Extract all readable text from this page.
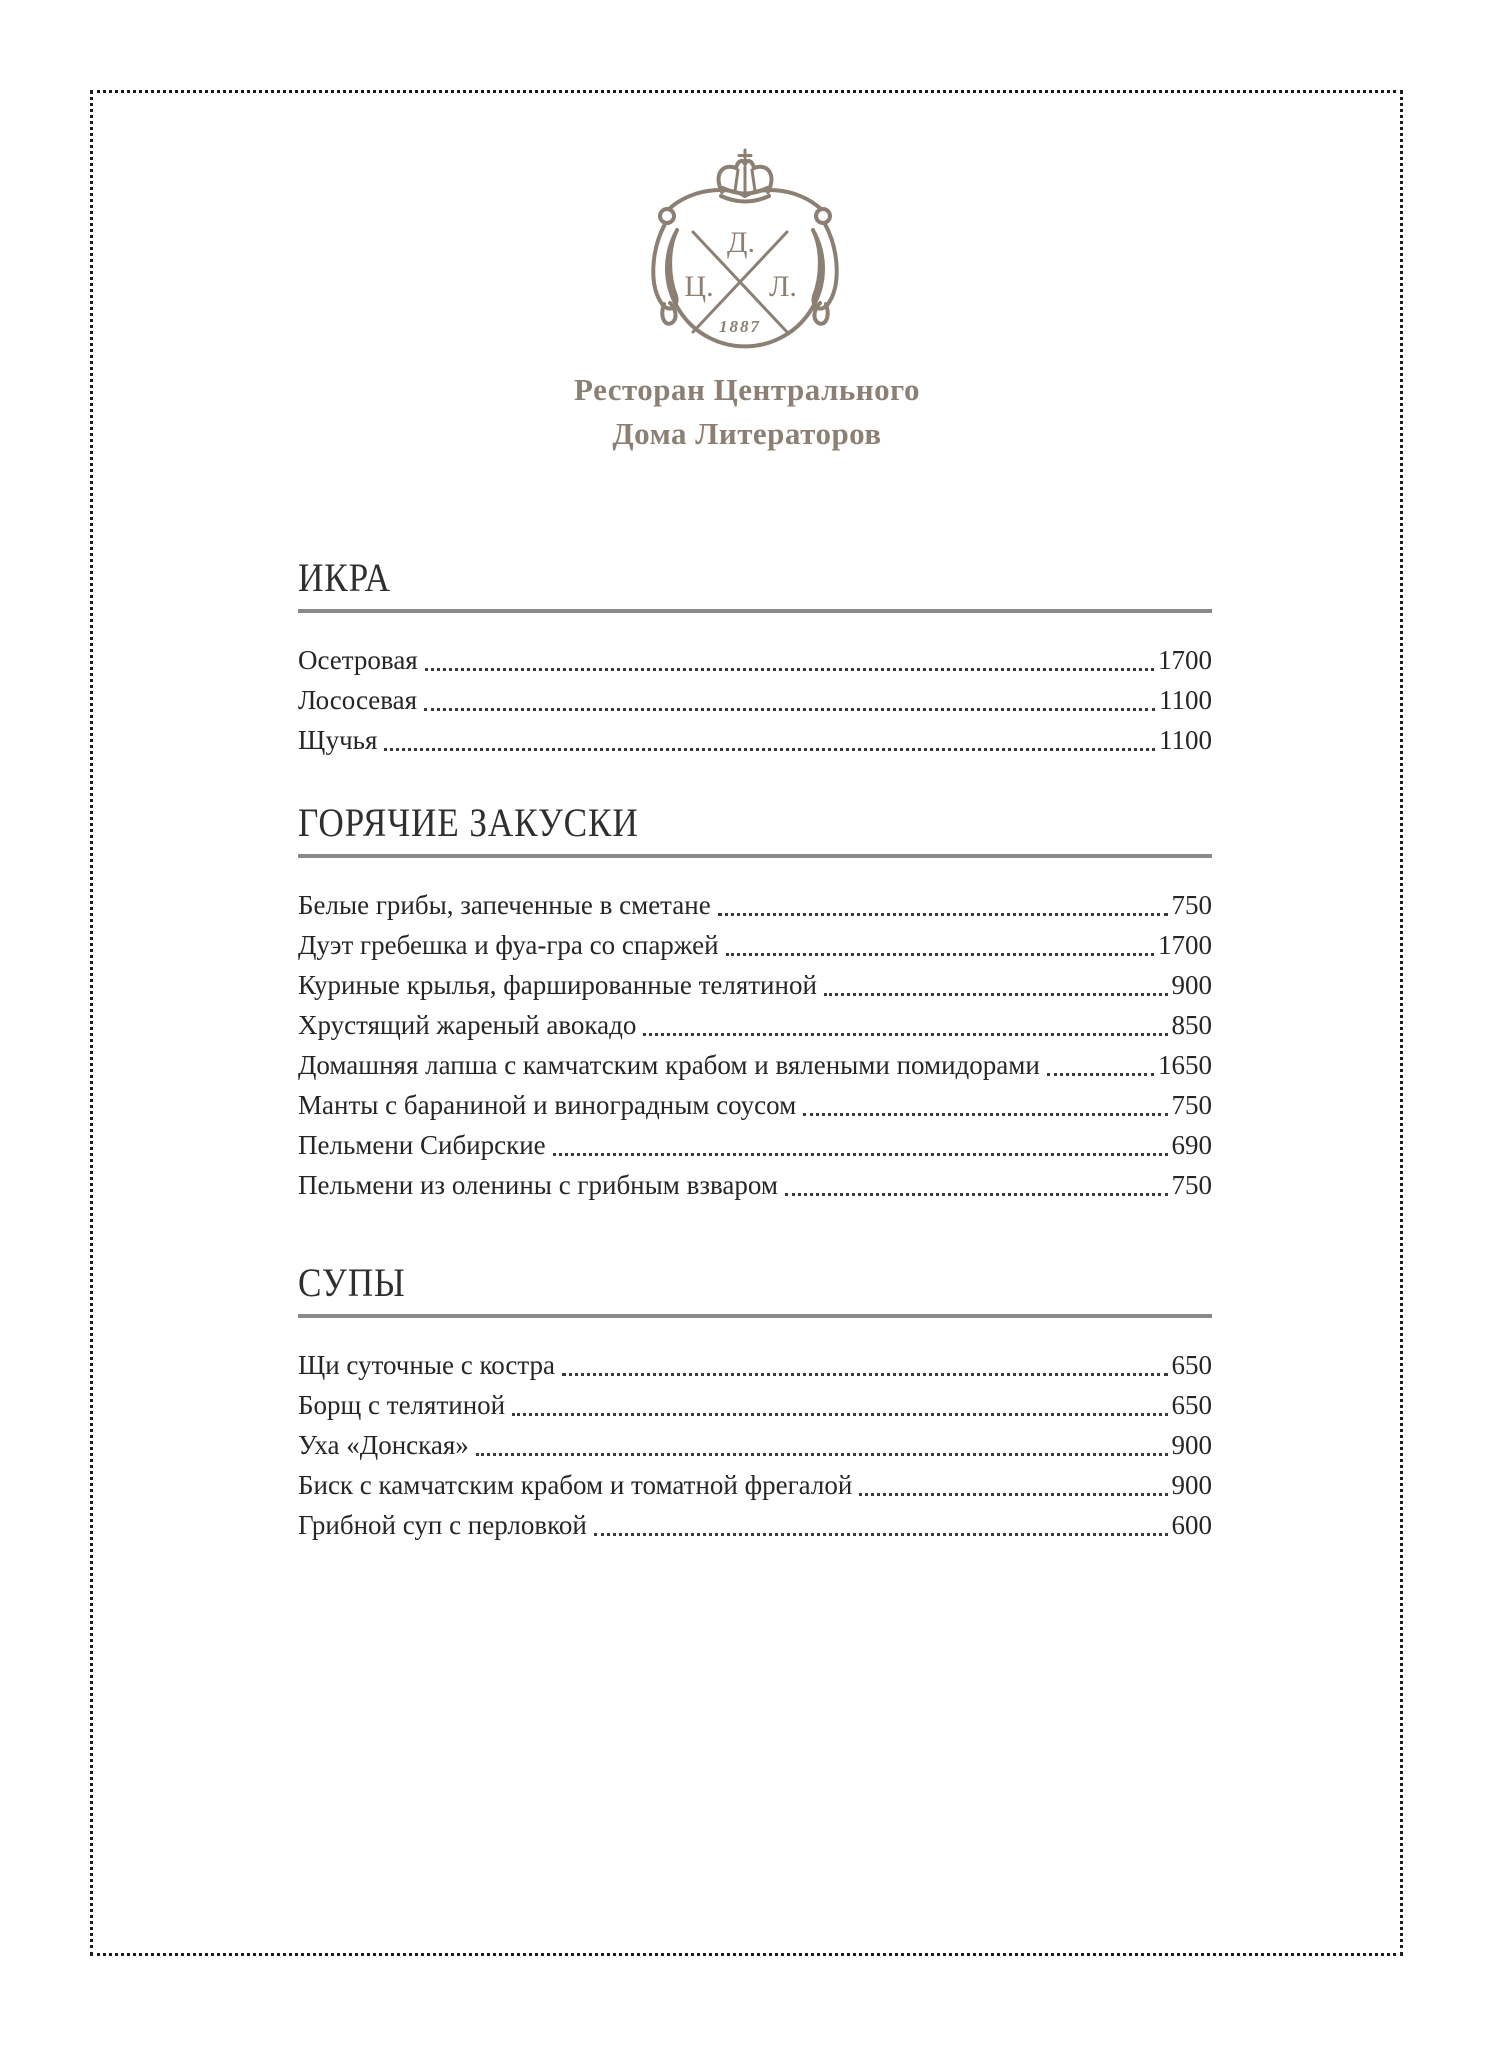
Д.
Ц. Л.
1887
Ресторан Центрального
Дома Литераторов
ИКРА
Осетровая	1700
Лососевая	1100
Щучья	1100
ГОРЯЧИЕ ЗАКУСКИ
Белые грибы, запеченные в сметане	750
Дуэт гребешка и фуа-гра со спаржей	1700
Куриные крылья, фаршированные телятиной	900
Хрустящий жареный авокадо	850
Домашняя лапша с камчатским крабом и вялеными помидорами	1650
Манты с бараниной и виноградным соусом	750
Пельмени Сибирские	690
Пельмени из оленины с грибным взваром	750
СУПЫ
Щи суточные с костра	650
Борщ с телятиной	650
Уха «Донская»	900
Биск с камчатским крабом и томатной фрегалой	900
Грибной суп с перловкой	600
